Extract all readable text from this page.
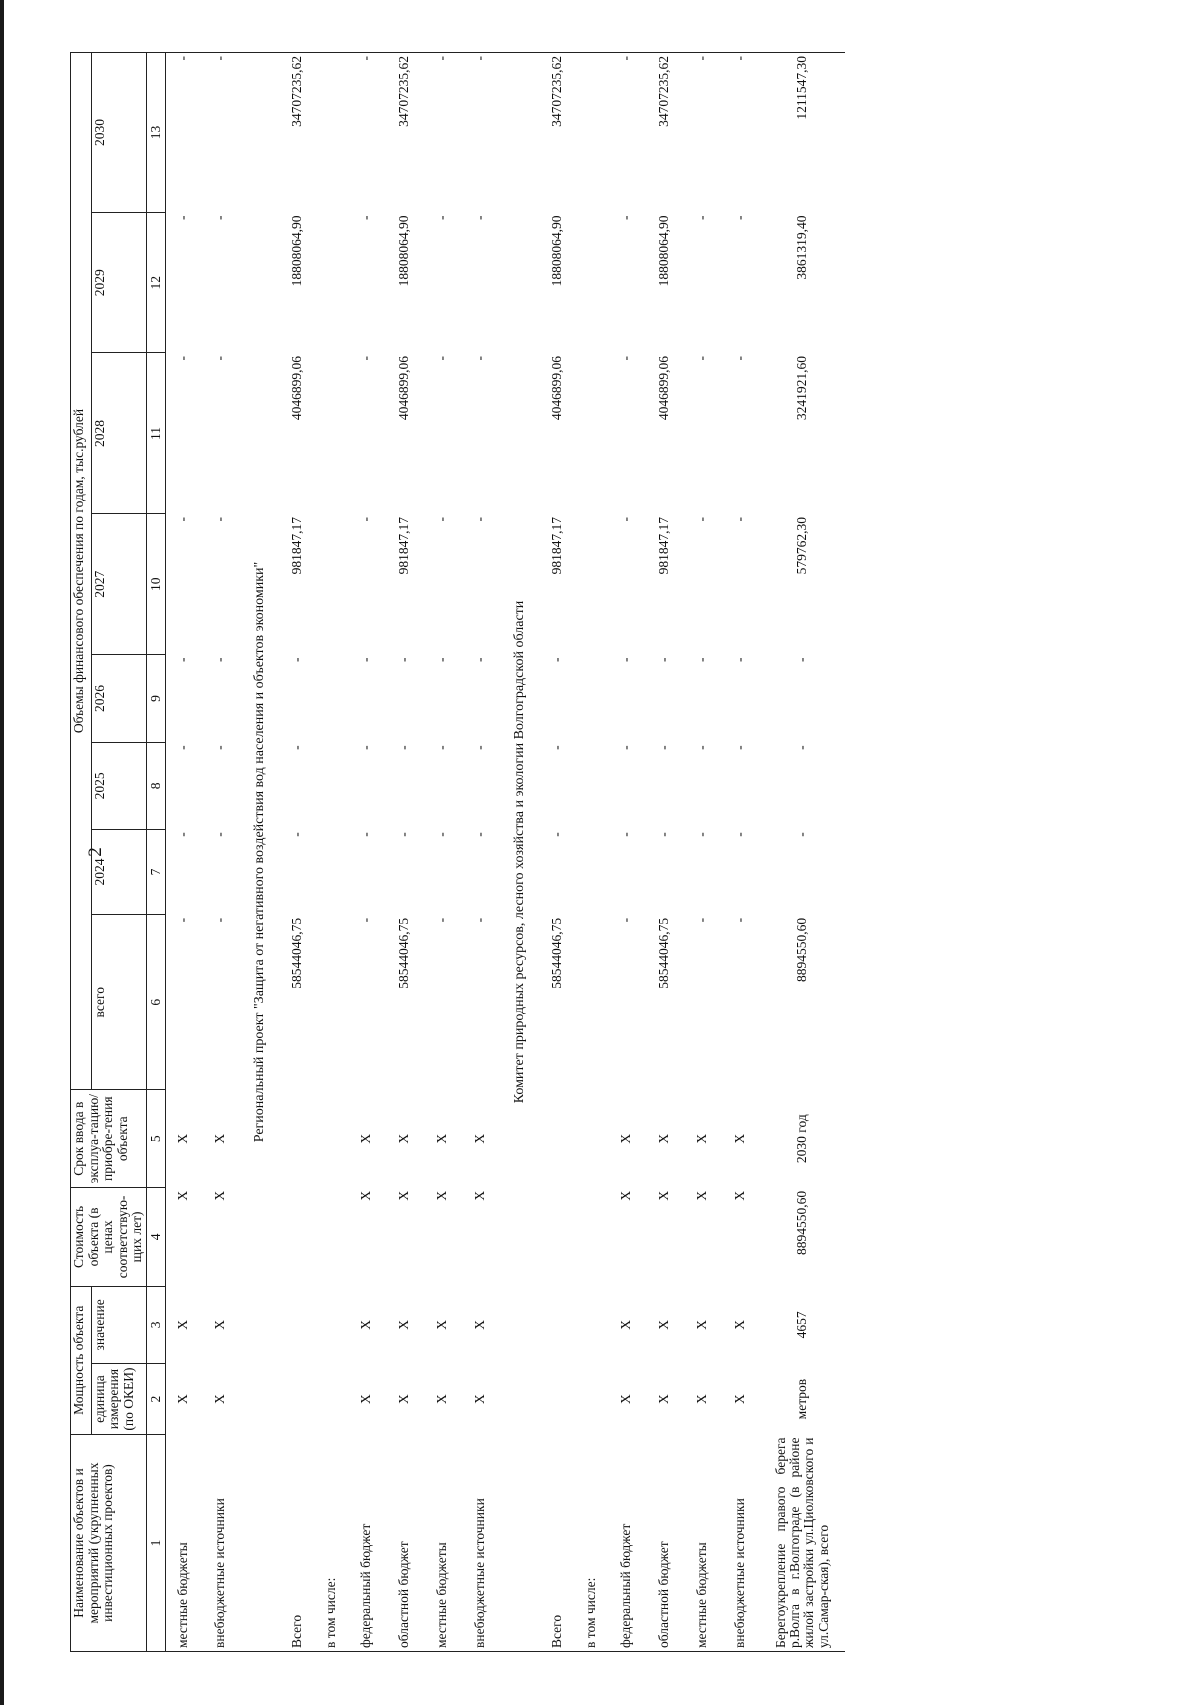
2
Наименование объектов и мероприятий (укрупненных инвестиционных проектов)	Мощность объекта		Стоимость объекта (в ценах соответствую-щих лет)	Срок ввода в эксплуа-тацию/ приобре-тения объекта	Объемы финансового обеспечения по годам, тыс.рублей							
	единица измерения (по ОКЕИ)	значение			всего	2024	2025	2026	2027	2028	2029	2030
1	2	3	4	5	6	7	8	9	10	11	12	13
местные бюджеты	X	X	X	X	-	-	-	-	-	-	-	-
внебюджетные источники	X	X	X	X	-	-	-	-	-	-	-	-
Региональный проект "Защита от негативного воздействия вод населения и объектов экономики"												
Всего					58544046,75	-	-	-	981847,17	4046899,06	18808064,90	34707235,62
в том числе:												
федеральный бюджет	X	X	X	X	-	-	-	-	-	-	-	-
областной бюджет	X	X	X	X	58544046,75	-	-	-	981847,17	4046899,06	18808064,90	34707235,62
местные бюджеты	X	X	X	X	-	-	-	-	-	-	-	-
внебюджетные источники	X	X	X	X	-	-	-	-	-	-	-	-
Комитет природных ресурсов, лесного хозяйства и экологии Волгоградской области												
Всего					58544046,75	-	-	-	981847,17	4046899,06	18808064,90	34707235,62
в том числе:												
федеральный бюджет	X	X	X	X	-	-	-	-	-	-	-	-
областной бюджет	X	X	X	X	58544046,75	-	-	-	981847,17	4046899,06	18808064,90	34707235,62
местные бюджеты	X	X	X	X	-	-	-	-	-	-	-	-
внебюджетные источники	X	X	X	X	-	-	-	-	-	-	-	-
Берегоукрепление правого берега р.Волга в г.Волгограде (в районе жилой застройки ул.Циолковского и ул.Самар-ская), всего	метров	4657	8894550,60	2030 год	8894550,60	-	-	-	579762,30	3241921,60	3861319,40	1211547,30
